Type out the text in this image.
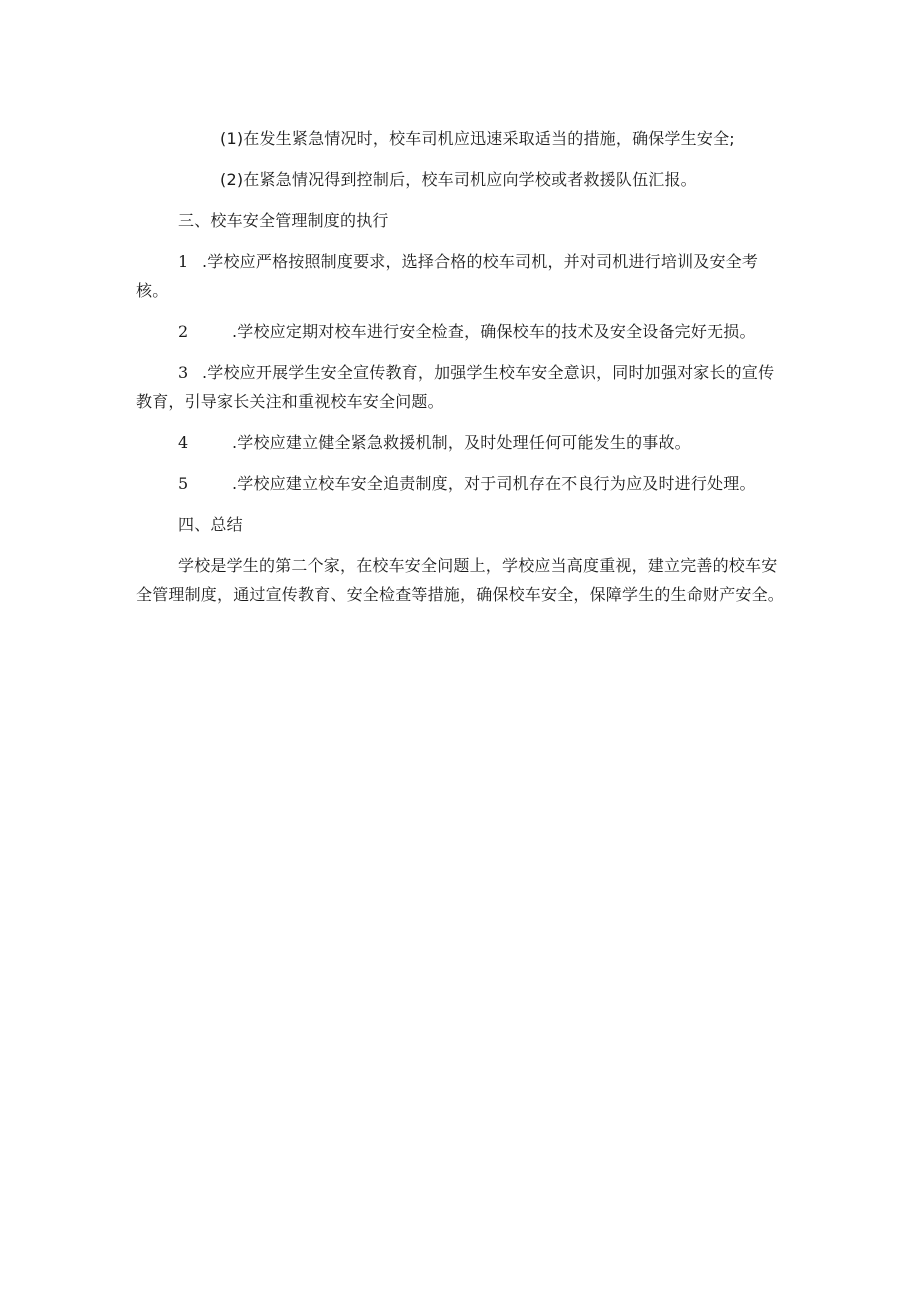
(1)在发生紧急情况时，校车司机应迅速采取适当的措施，确保学生安全;

(2)在紧急情况得到控制后，校车司机应向学校或者救援队伍汇报。

三、校车安全管理制度的执行

1 .学校应严格按照制度要求，选择合格的校车司机，并对司机进行培训及安全考核。

2	.学校应定期对校车进行安全检查，确保校车的技术及安全设备完好无损。

3 .学校应开展学生安全宣传教育，加强学生校车安全意识，同时加强对家长的宣传教育，引导家长关注和重视校车安全问题。

4	.学校应建立健全紧急救援机制，及时处理任何可能发生的事故。

5	.学校应建立校车安全追责制度，对于司机存在不良行为应及时进行处理。

四、总结

学校是学生的第二个家，在校车安全问题上，学校应当高度重视，建立完善的校车安全管理制度，通过宣传教育、安全检查等措施，确保校车安全，保障学生的生命财产安全。
